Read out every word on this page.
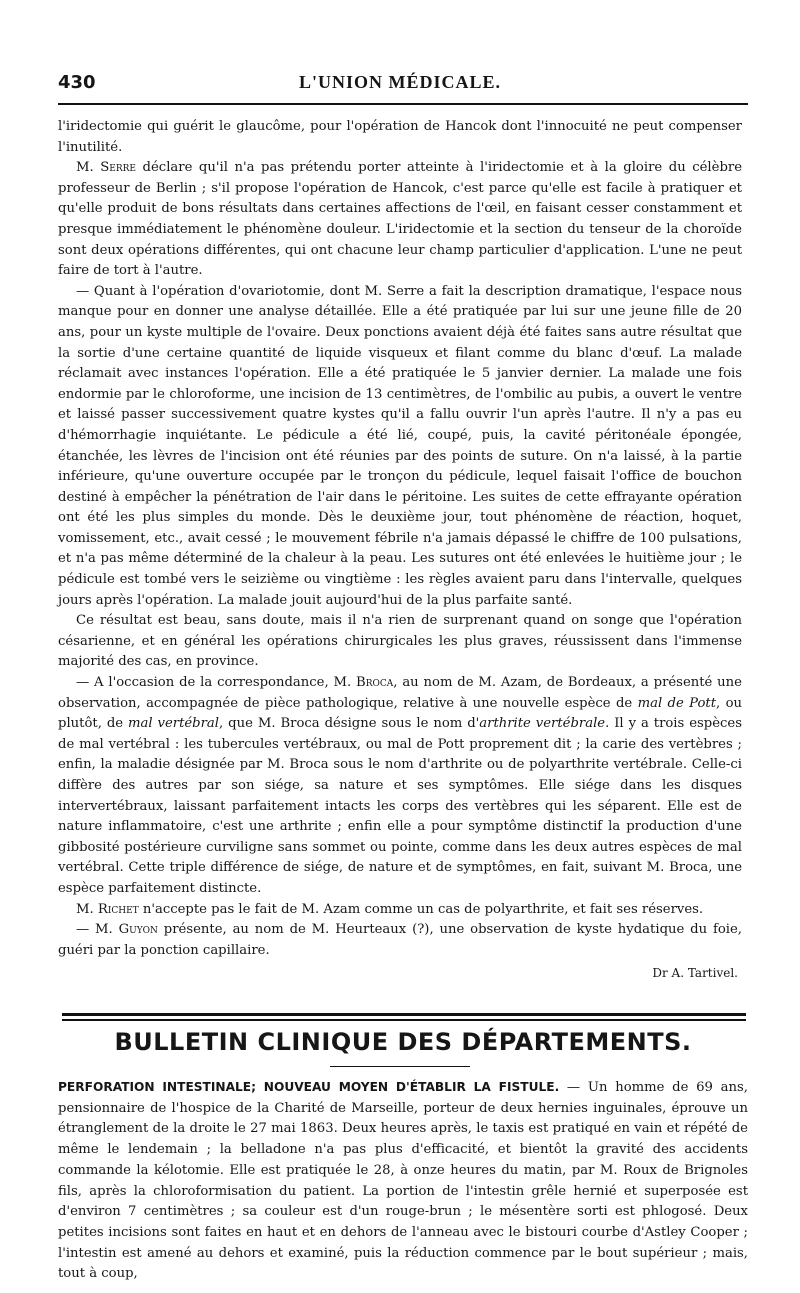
430	L'UNION MÉDICALE.

l'iridectomie qui guérit le glaucôme, pour l'opération de Hancok dont l'innocuité ne peut compenser l'inutilité.

M. Serre déclare qu'il n'a pas prétendu porter atteinte à l'iridectomie et à la gloire du célèbre professeur de Berlin ; s'il propose l'opération de Hancok, c'est parce qu'elle est facile à pratiquer et qu'elle produit de bons résultats dans certaines affections de l'œil, en faisant cesser constamment et presque immédiatement le phénomène douleur. L'iridectomie et la section du tenseur de la choroïde sont deux opérations différentes, qui ont chacune leur champ particulier d'application. L'une ne peut faire de tort à l'autre.

— Quant à l'opération d'ovariotomie, dont M. Serre a fait la description dramatique, l'espace nous manque pour en donner une analyse détaillée. Elle a été pratiquée par lui sur une jeune fille de 20 ans, pour un kyste multiple de l'ovaire. Deux ponctions avaient déjà été faites sans autre résultat que la sortie d'une certaine quantité de liquide visqueux et filant comme du blanc d'œuf. La malade réclamait avec instances l'opération. Elle a été pratiquée le 5 janvier dernier. La malade une fois endormie par le chloroforme, une incision de 13 centimètres, de l'ombilic au pubis, a ouvert le ventre et laissé passer successivement quatre kystes qu'il a fallu ouvrir l'un après l'autre. Il n'y a pas eu d'hémorrhagie inquiétante. Le pédicule a été lié, coupé, puis, la cavité péritonéale épongée, étanchée, les lèvres de l'incision ont été réunies par des points de suture. On n'a laissé, à la partie inférieure, qu'une ouverture occupée par le tronçon du pédicule, lequel faisait l'office de bouchon destiné à empêcher la pénétration de l'air dans le péritoine. Les suites de cette effrayante opération ont été les plus simples du monde. Dès le deuxième jour, tout phénomène de réaction, hoquet, vomissement, etc., avait cessé ; le mouvement fébrile n'a jamais dépassé le chiffre de 100 pulsations, et n'a pas même déterminé de la chaleur à la peau. Les sutures ont été enlevées le huitième jour ; le pédicule est tombé vers le seizième ou vingtième : les règles avaient paru dans l'intervalle, quelques jours après l'opération. La malade jouit aujourd'hui de la plus parfaite santé.

Ce résultat est beau, sans doute, mais il n'a rien de surprenant quand on songe que l'opération césarienne, et en général les opérations chirurgicales les plus graves, réussissent dans l'immense majorité des cas, en province.

— A l'occasion de la correspondance, M. Broca, au nom de M. Azam, de Bordeaux, a présenté une observation, accompagnée de pièce pathologique, relative à une nouvelle espèce de mal de Pott, ou plutôt, de mal vertébral, que M. Broca désigne sous le nom d'arthrite vertébrale. Il y a trois espèces de mal vertébral : les tubercules vertébraux, ou mal de Pott proprement dit ; la carie des vertèbres ; enfin, la maladie désignée par M. Broca sous le nom d'arthrite ou de polyarthrite vertébrale. Celle-ci diffère des autres par son siége, sa nature et ses symptômes. Elle siége dans les disques intervertébraux, laissant parfaitement intacts les corps des vertèbres qui les séparent. Elle est de nature inflammatoire, c'est une arthrite ; enfin elle a pour symptôme distinctif la production d'une gibbosité postérieure curviligne sans sommet ou pointe, comme dans les deux autres espèces de mal vertébral. Cette triple différence de siége, de nature et de symptômes, en fait, suivant M. Broca, une espèce parfaitement distincte.

M. Richet n'accepte pas le fait de M. Azam comme un cas de polyarthrite, et fait ses réserves.

— M. Guyon présente, au nom de M. Heurteaux (?), une observation de kyste hydatique du foie, guéri par la ponction capillaire.

Dr A. Tartivel.
BULLETIN CLINIQUE DES DÉPARTEMENTS.

PERFORATION INTESTINALE; NOUVEAU MOYEN D'ÉTABLIR LA FISTULE. — Un homme de 69 ans, pensionnaire de l'hospice de la Charité de Marseille, porteur de deux hernies inguinales, éprouve un étranglement de la droite le 27 mai 1863. Deux heures après, le taxis est pratiqué en vain et répété de même le lendemain ; la belladone n'a pas plus d'efficacité, et bientôt la gravité des accidents commande la kélotomie. Elle est pratiquée le 28, à onze heures du matin, par M. Roux de Brignoles fils, après la chloroformisation du patient. La portion de l'intestin grêle hernié et superposée est d'environ 7 centimètres ; sa couleur est d'un rouge-brun ; le mésentère sorti est phlogosé. Deux petites incisions sont faites en haut et en dehors de l'anneau avec le bistouri courbe d'Astley Cooper ; l'intestin est amené au dehors et examiné, puis la réduction commence par le bout supérieur ; mais, tout à coup,
